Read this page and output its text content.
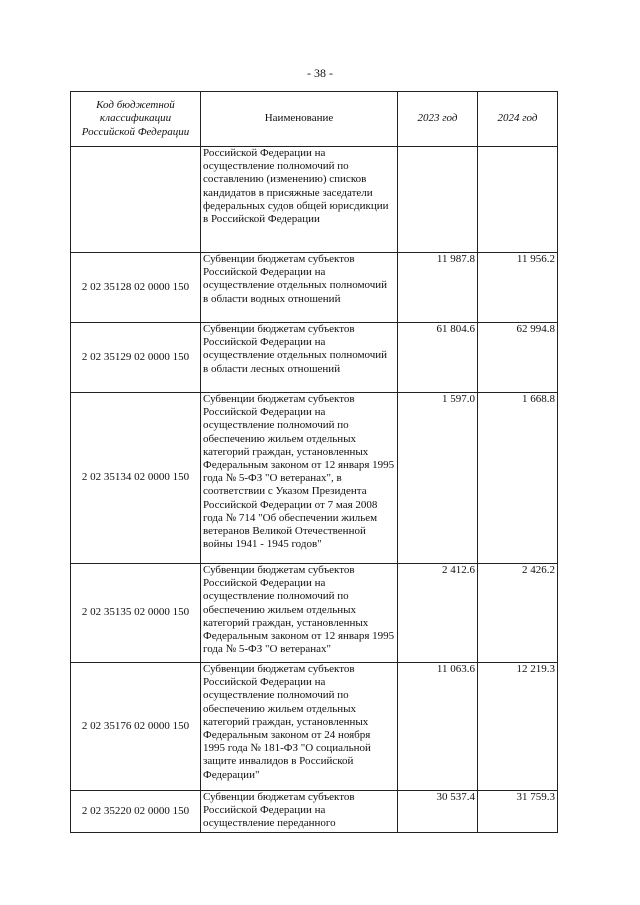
- 38 -
Код бюджетной классификации Российской Федерации	Наименование	2023 год	2024 год
	Российской Федерации на осуществление полномочий по составлению (изменению) списков кандидатов в присяжные заседатели федеральных судов общей юрисдикции в Российской Федерации		
2 02 35128 02 0000 150	Субвенции бюджетам субъектов Российской Федерации на осуществление отдельных полномочий в области водных отношений	11 987.8	11 956.2
2 02 35129 02 0000 150	Субвенции бюджетам субъектов Российской Федерации на осуществление отдельных полномочий в области лесных отношений	61 804.6	62 994.8
2 02 35134 02 0000 150	Субвенции бюджетам субъектов Российской Федерации на осуществление полномочий по обеспечению жильем отдельных категорий граждан, установленных Федеральным законом от 12 января 1995 года № 5-ФЗ "О ветеранах", в соответствии с Указом Президента Российской Федерации от 7 мая 2008 года № 714 "Об обеспечении жильем ветеранов Великой Отечественной войны 1941 - 1945 годов"	1 597.0	1 668.8
2 02 35135 02 0000 150	Субвенции бюджетам субъектов Российской Федерации на осуществление полномочий по обеспечению жильем отдельных категорий граждан, установленных Федеральным законом от 12 января 1995 года № 5-ФЗ "О ветеранах"	2 412.6	2 426.2
2 02 35176 02 0000 150	Субвенции бюджетам субъектов Российской Федерации на осуществление полномочий по обеспечению жильем отдельных категорий граждан, установленных Федеральным законом от 24 ноября 1995 года № 181-ФЗ "О социальной защите инвалидов в Российской Федерации"	11 063.6	12 219.3
2 02 35220 02 0000 150	Субвенции бюджетам субъектов Российской Федерации на осуществление переданного	30 537.4	31 759.3
